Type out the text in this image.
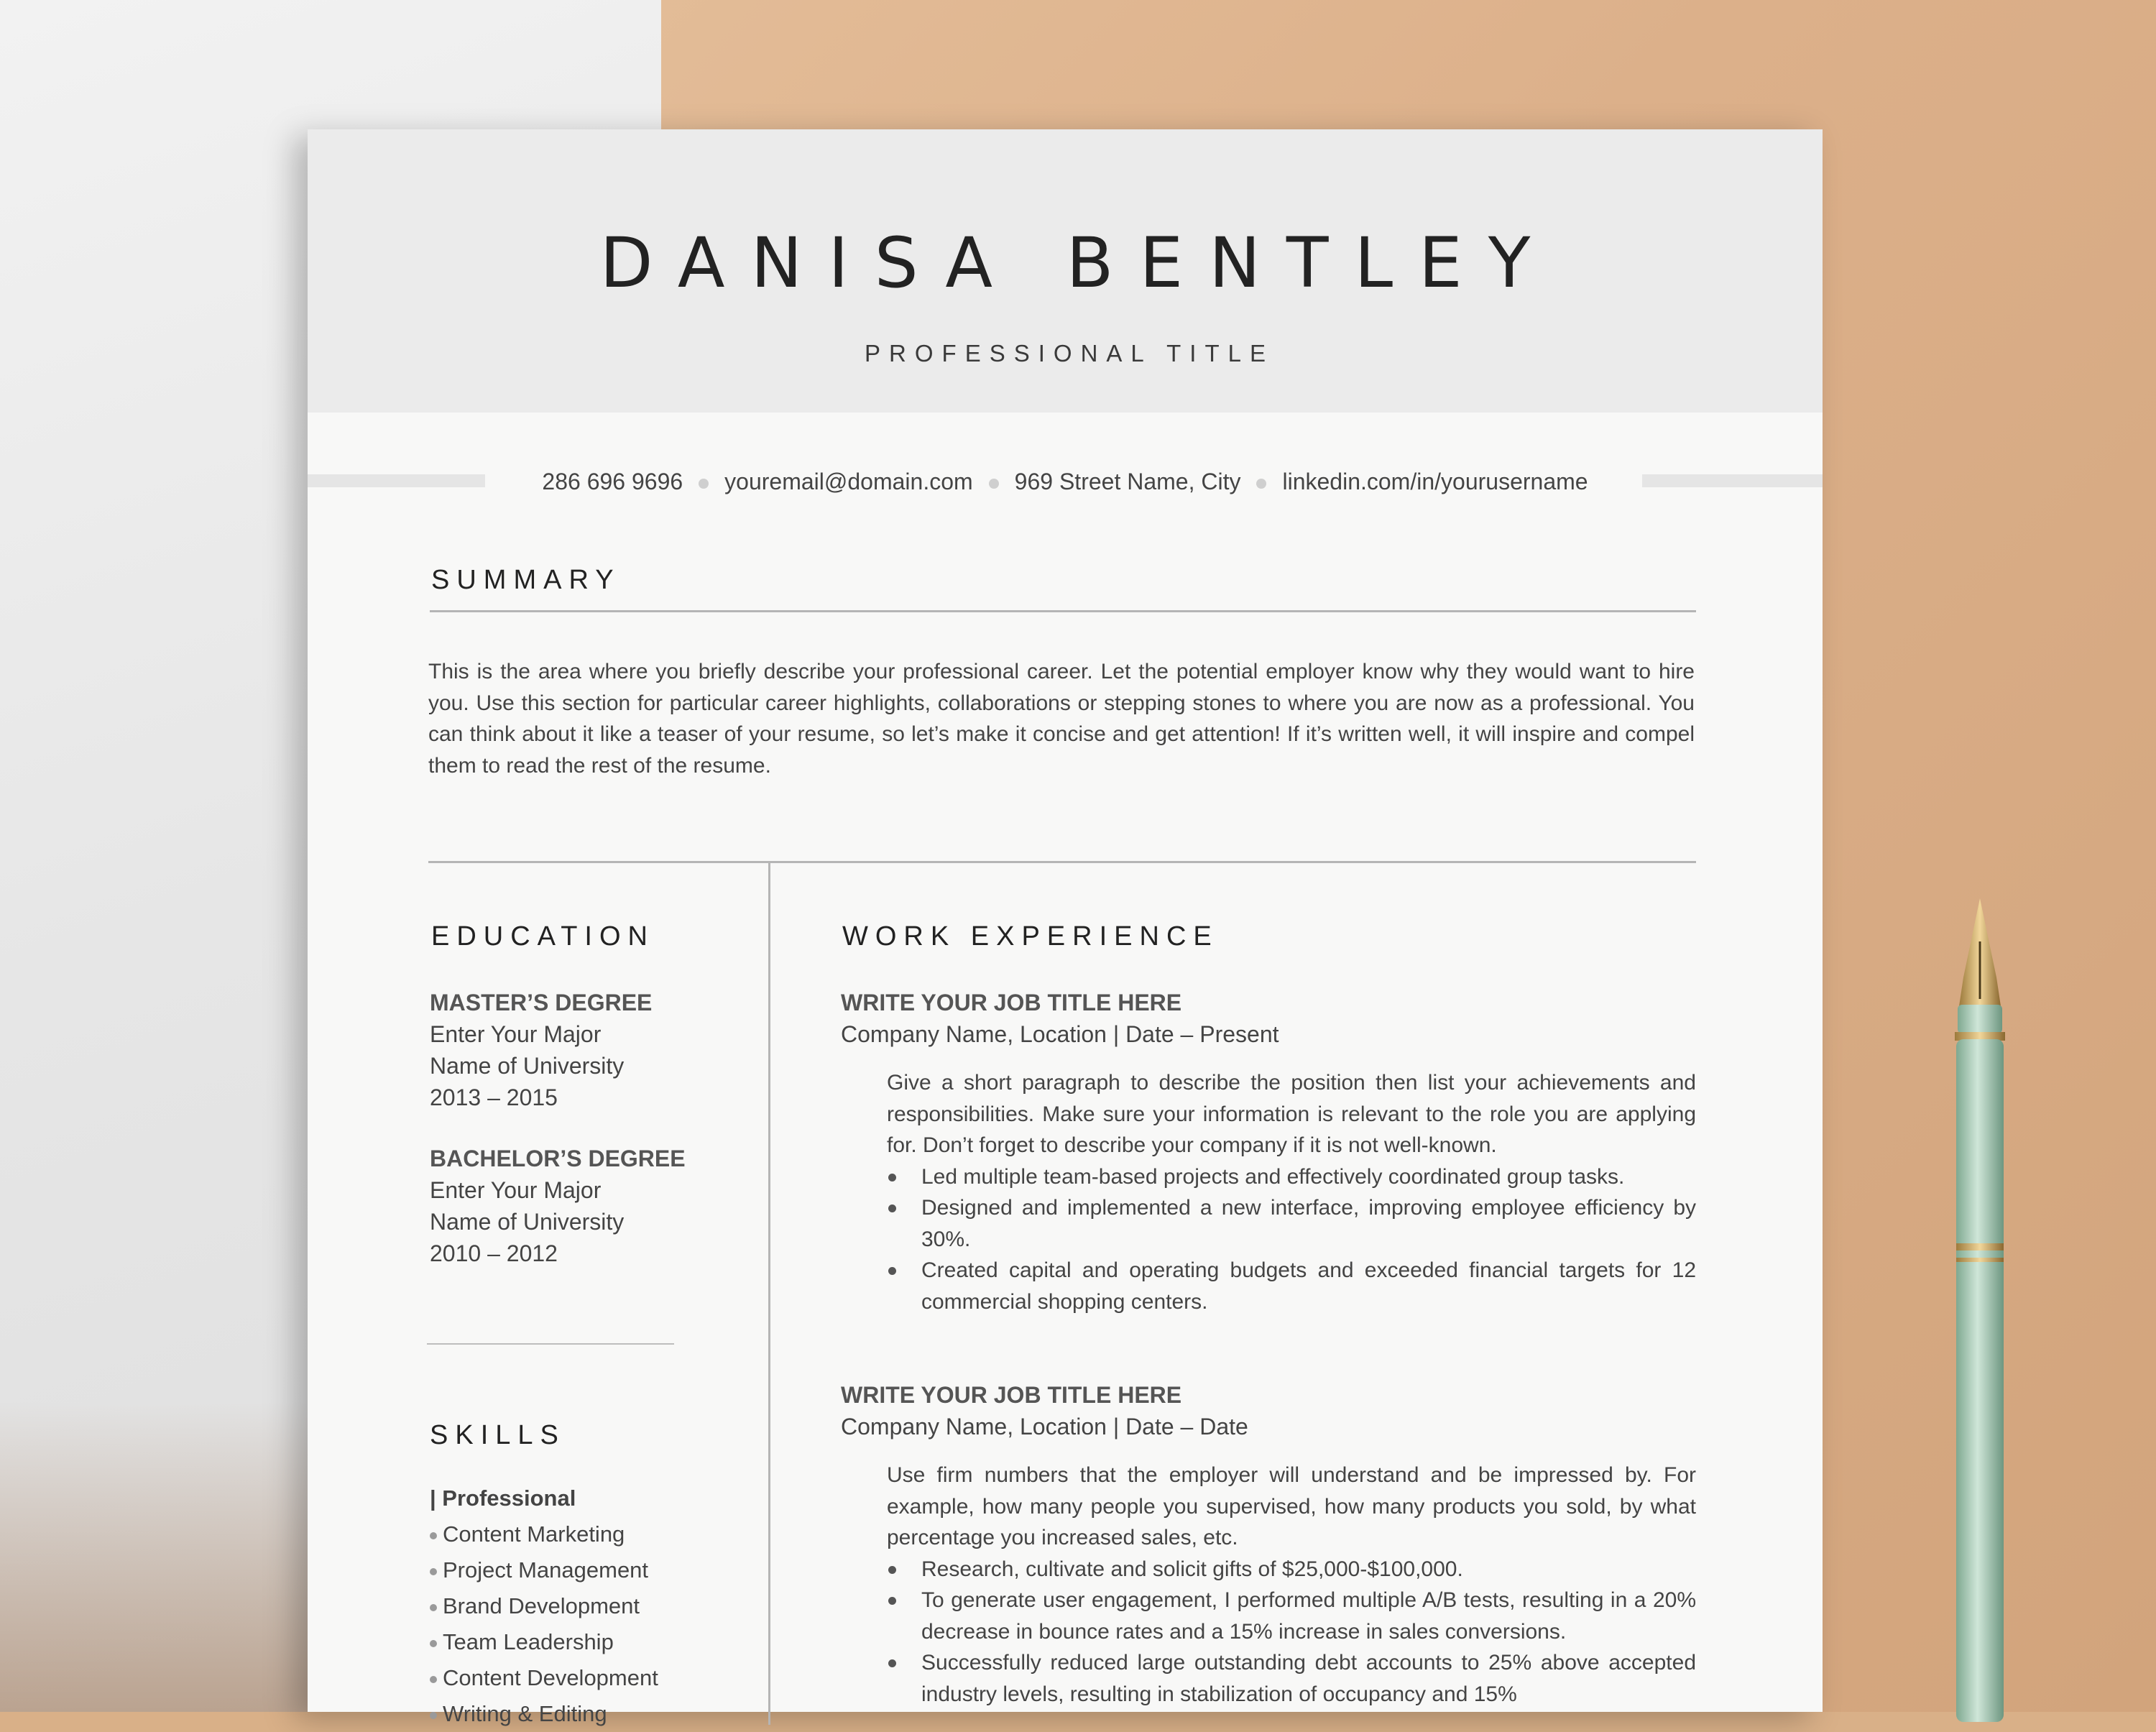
DANISA BENTLEY
PROFESSIONAL TITLE
286 696 9696 youremail@domain.com 969 Street Name, City linkedin.com/in/yourusername
SUMMARY
This is the area where you briefly describe your professional career. Let the potential employer know why they would want to hire you. Use this section for particular career highlights, collaborations or stepping stones to where you are now as a professional. You can think about it like a teaser of your resume, so let’s make it concise and get attention! If it’s written well, it will inspire and compel them to read the rest of the resume.
EDUCATION
MASTER’S DEGREE
Enter Your Major
Name of University
2013 – 2015
BACHELOR’S DEGREE
Enter Your Major
Name of University
2010 – 2012
SKILLS
| Professional
Content Marketing
Project Management
Brand Development
Team Leadership
Content Development
Writing & Editing
WORK EXPERIENCE
WRITE YOUR JOB TITLE HERE
Company Name, Location | Date – Present
Give a short paragraph to describe the position then list your achievements and responsibilities. Make sure your information is relevant to the role you are applying for. Don’t forget to describe your company if it is not well-known.
Led multiple team-based projects and effectively coordinated group tasks.
Designed and implemented a new interface, improving employee efficiency by 30%.
Created capital and operating budgets and exceeded financial targets for 12 commercial shopping centers.
WRITE YOUR JOB TITLE HERE
Company Name, Location | Date – Date
Use firm numbers that the employer will understand and be impressed by. For example, how many people you supervised, how many products you sold, by what percentage you increased sales, etc.
Research, cultivate and solicit gifts of $25,000-$100,000.
To generate user engagement, I performed multiple A/B tests, resulting in a 20% decrease in bounce rates and a 15% increase in sales conversions.
Successfully reduced large outstanding debt accounts to 25% above accepted industry levels, resulting in stabilization of occupancy and 15%
